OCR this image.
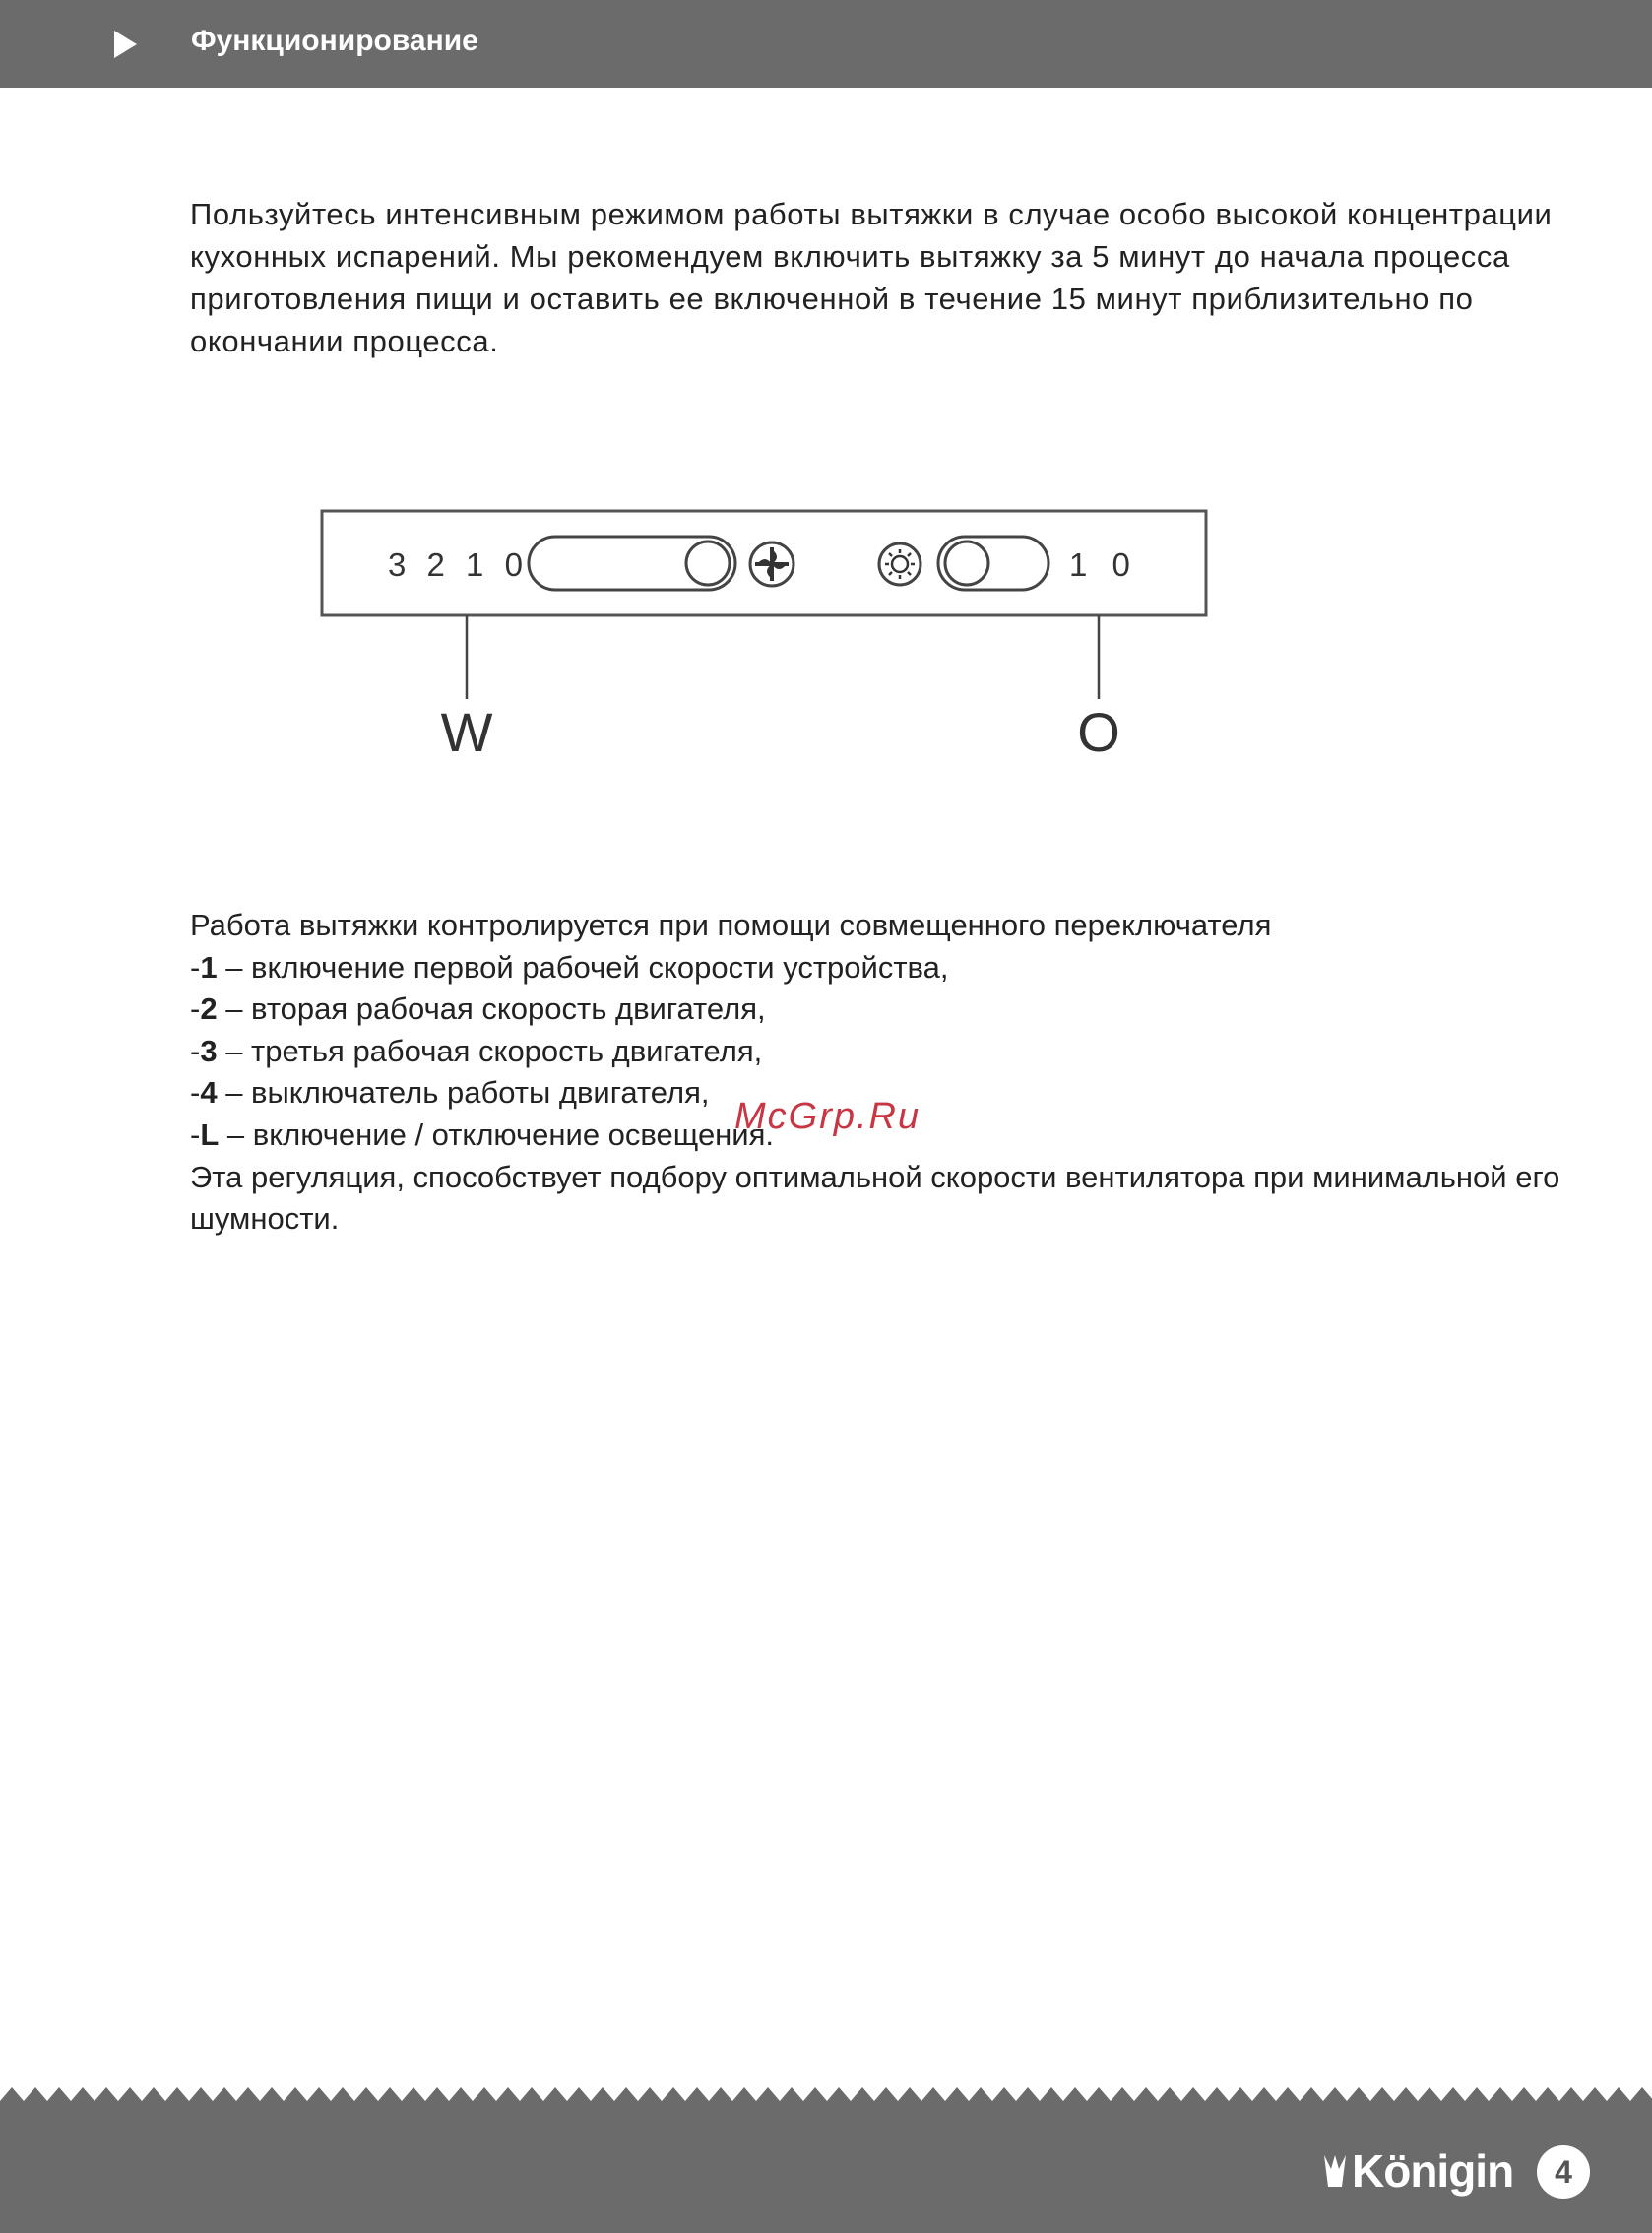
Функционирование
Пользуйтесь интенсивным режимом работы вытяжки в случае особо высокой концентрации
кухонных испарений. Мы рекомендуем включить вытяжку за 5 минут до начала процесса
приготовления пищи и оставить ее включенной в течение 15 минут приблизительно по
окончании процесса.
3 2 1 0	1 0
W	O
Работа вытяжки контролируется при помощи совмещенного переключателя
-1 – включение первой рабочей скорости устройства,
-2 – вторая рабочая скорость двигателя,
-3 – третья рабочая скорость двигателя,
-4 – выключатель работы двигателя,
-L – включение / отключение освещения.
Эта регуляция, способствует подбору оптимальной скорости вентилятора при минимальной его
шумности.
McGrp.Ru
Königin	4
